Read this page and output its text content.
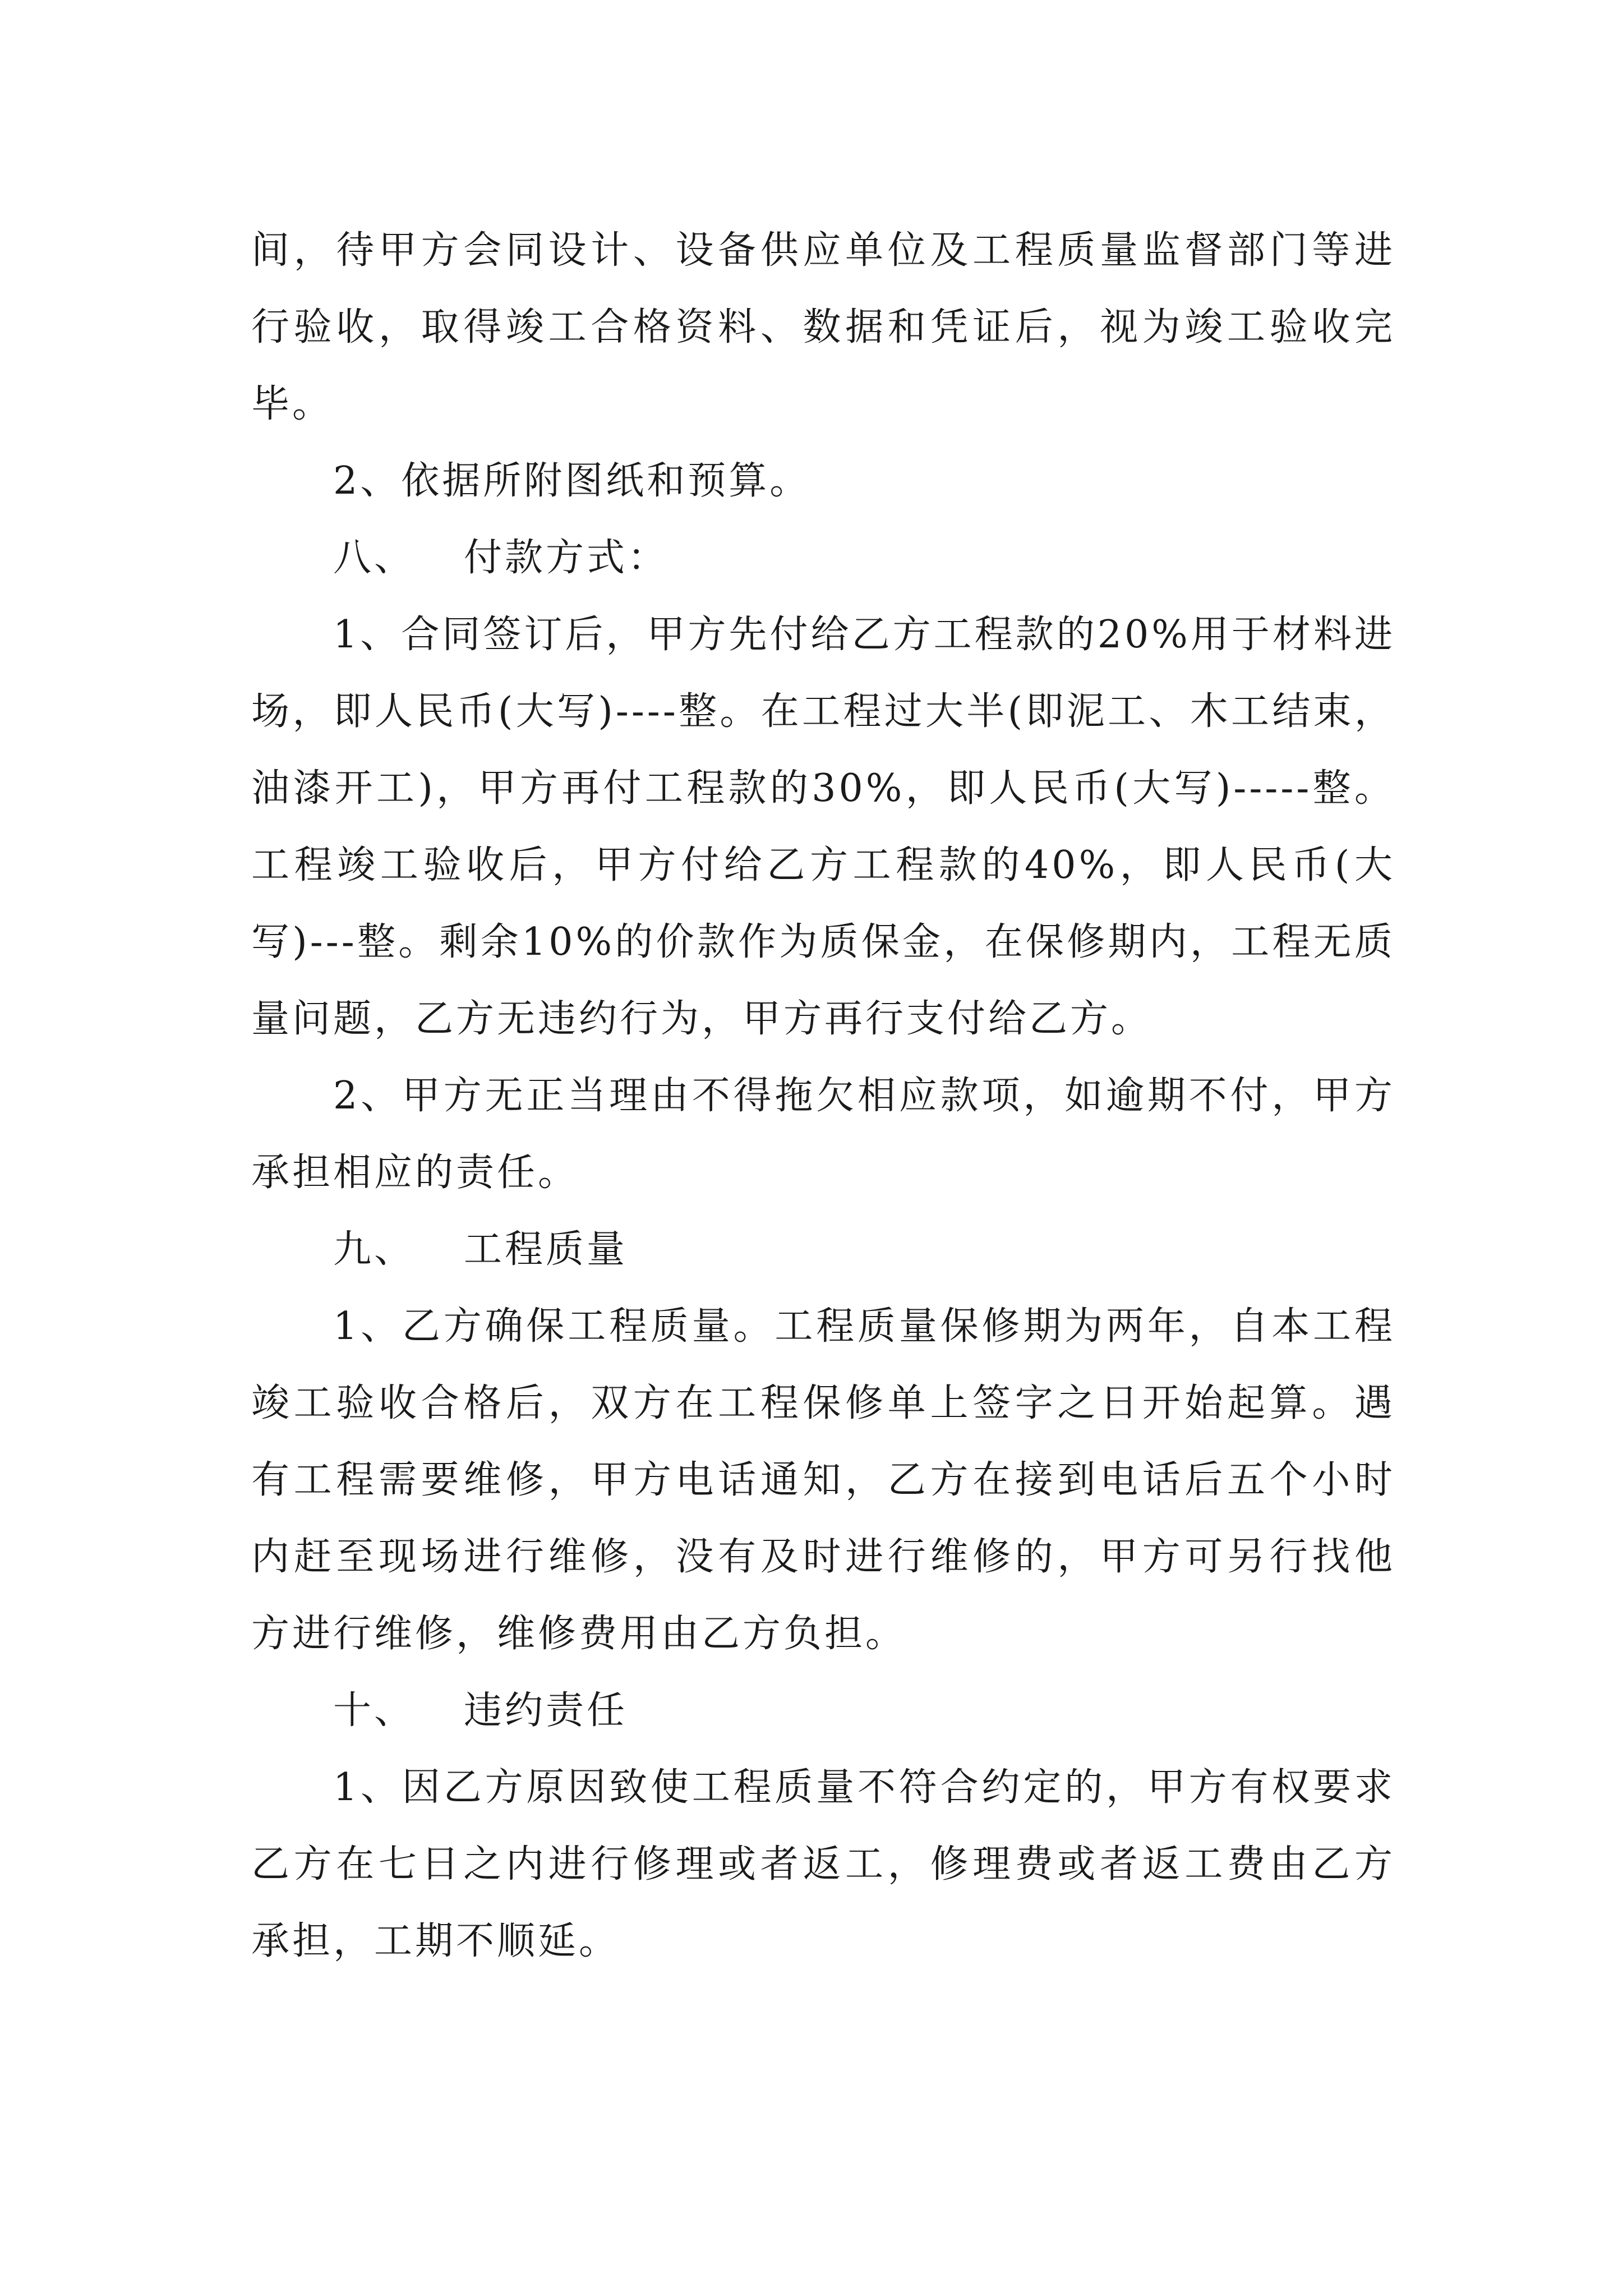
间，待甲方会同设计、设备供应单位及工程质量监督部门等进行验收，取得竣工合格资料、数据和凭证后，视为竣工验收完毕。

2、依据所附图纸和预算。

八、 付款方式：

1、合同签订后，甲方先付给乙方工程款的20%用于材料进场，即人民币(大写)----整。在工程过大半(即泥工、木工结束，油漆开工)，甲方再付工程款的30%，即人民币(大写)-----整。工程竣工验收后，甲方付给乙方工程款的40%，即人民币(大写)---整。剩余10%的价款作为质保金，在保修期内，工程无质量问题，乙方无违约行为，甲方再行支付给乙方。

2、甲方无正当理由不得拖欠相应款项，如逾期不付，甲方承担相应的责任。

九、 工程质量

1、乙方确保工程质量。工程质量保修期为两年，自本工程竣工验收合格后，双方在工程保修单上签字之日开始起算。遇有工程需要维修，甲方电话通知，乙方在接到电话后五个小时内赶至现场进行维修，没有及时进行维修的，甲方可另行找他方进行维修，维修费用由乙方负担。

十、 违约责任

1、因乙方原因致使工程质量不符合约定的，甲方有权要求乙方在七日之内进行修理或者返工，修理费或者返工费由乙方承担，工期不顺延。
